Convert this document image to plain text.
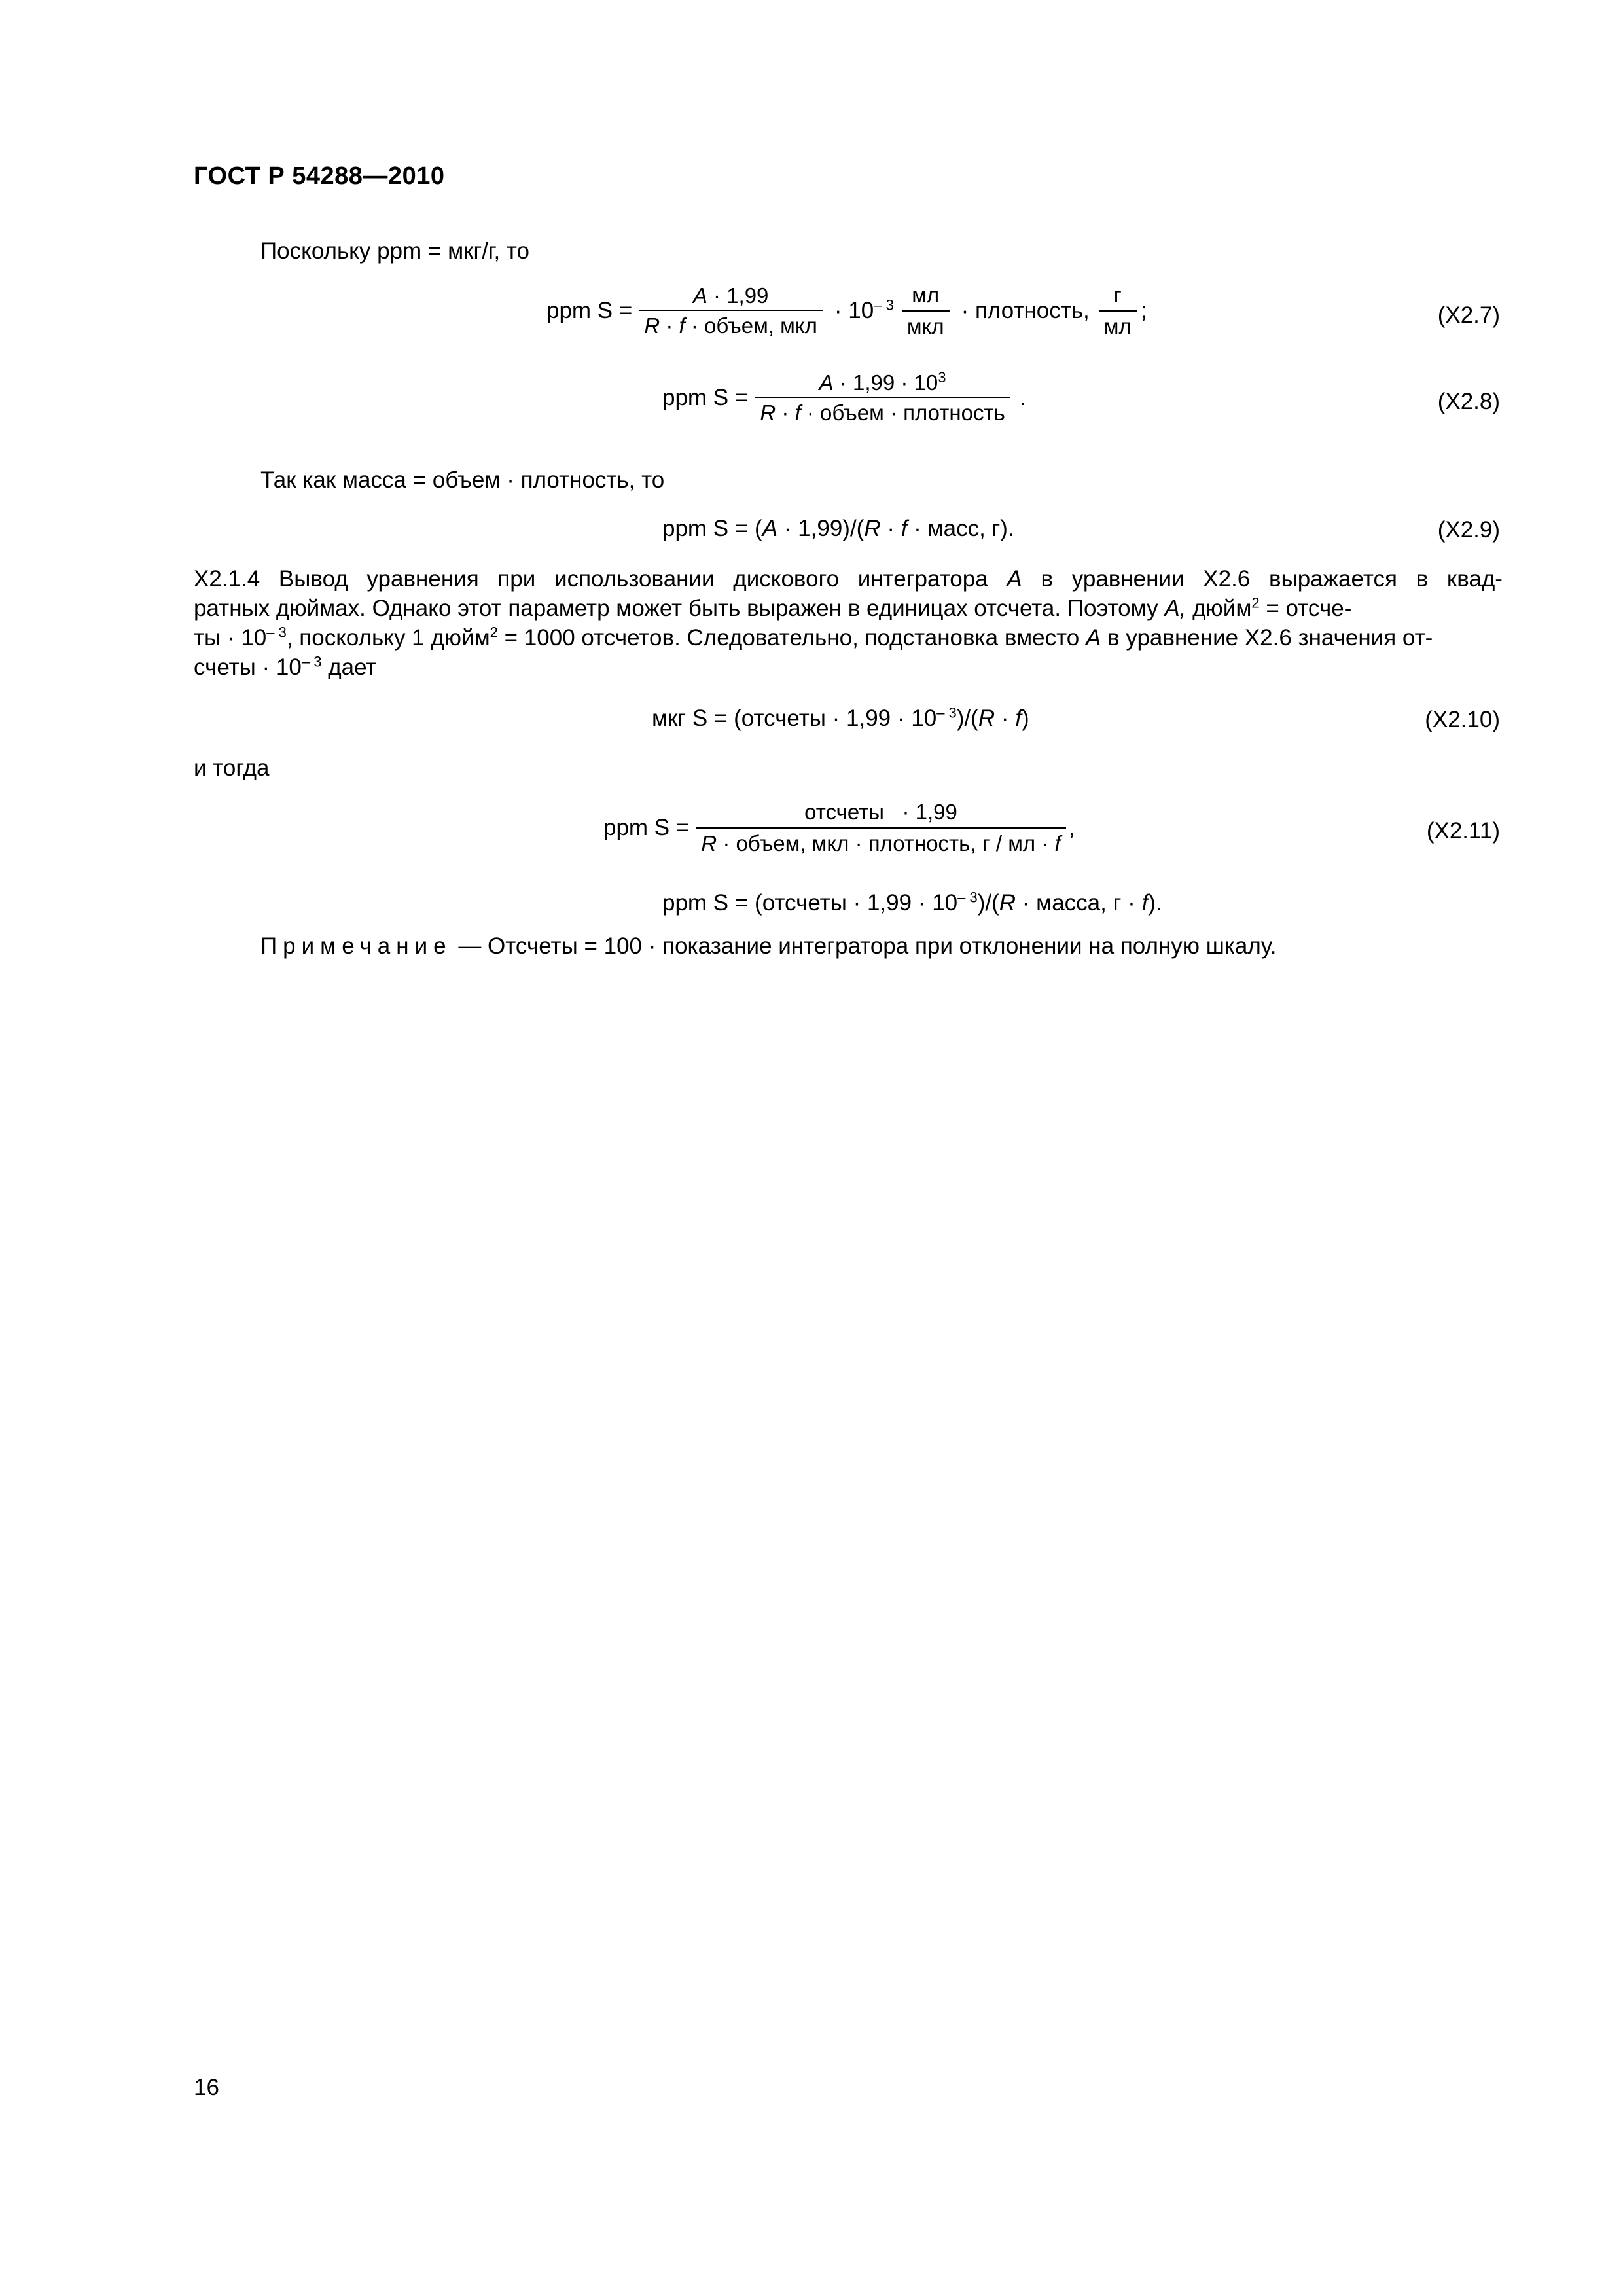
ГОСТ Р 54288—2010
Поскольку ppm = мкг/г, то
ppm $S = \frac{A \cdot 1,99}{\text{R · f · объем, мкл}} \cdot 10^{- 3} \frac{мл}{\text{мкл}}$ · плотность, $\frac{г}{мл}$ ;	(X2.7)
ppm $S = \frac{A \cdot 1,99 \cdot 10^3}{\text{R · f · объем · плотность}}$ .	(X2.8)
Так как масса = объем · плотность, то
ppm S = (A · 1,99)/(R · f · масс, г).	(X2.9)
X2.1.4 Вывод уравнения при использовании дискового интегратора A в уравнении X2.6 выражается в квад-
ратных дюймах. Однако этот параметр может быть выражен в единицах отсчета. Поэтому A, дюйм$^2$ = отсче-
ты · $10^{- 3}$, поскольку 1 дюйм$^2$ = 1000 отсчетов. Следовательно, подстановка вместо A в уравнение X2.6 значения от-
счеты · $10^{- 3}$ дает
мкг S = (отсчеты · $1,99 \cdot 10^{- 3})/(R \cdot f)$	(X2.10)
и тогда
ppm $S = \frac{\text{отсчеты   · 1,99}}{\text{R · объем, мкл · плотность, г / мл · f}}$ ,	(X2.11)
ppm S = (отсчеты · $1,99 \cdot 10^{- 3})/(R$ · масса, г · f).
Примечание — Отсчеты = 100 · показание интегратора при отклонении на полную шкалу.
16
